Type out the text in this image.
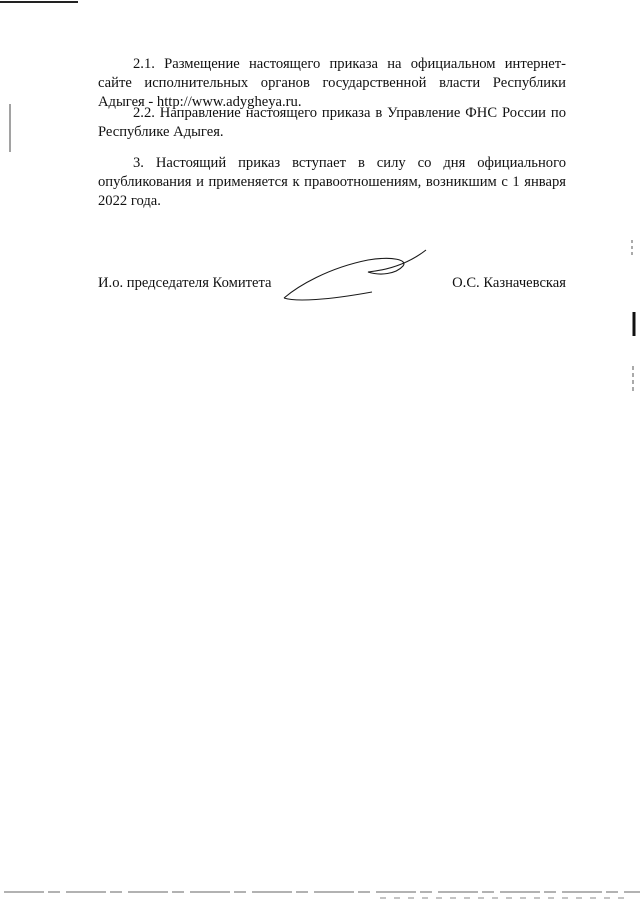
2.1. Размещение настоящего приказа на официальном интернет-сайте исполнительных органов государственной власти Республики Адыгея - http://www.adygheya.ru.

2.2. Направление настоящего приказа в Управление ФНС России по Республике Адыгея.

3. Настоящий приказ вступает в силу со дня официального опубликования и применяется к правоотношениям, возникшим с 1 января 2022 года.

И.о. председателя Комитета	О.С. Казначевская
